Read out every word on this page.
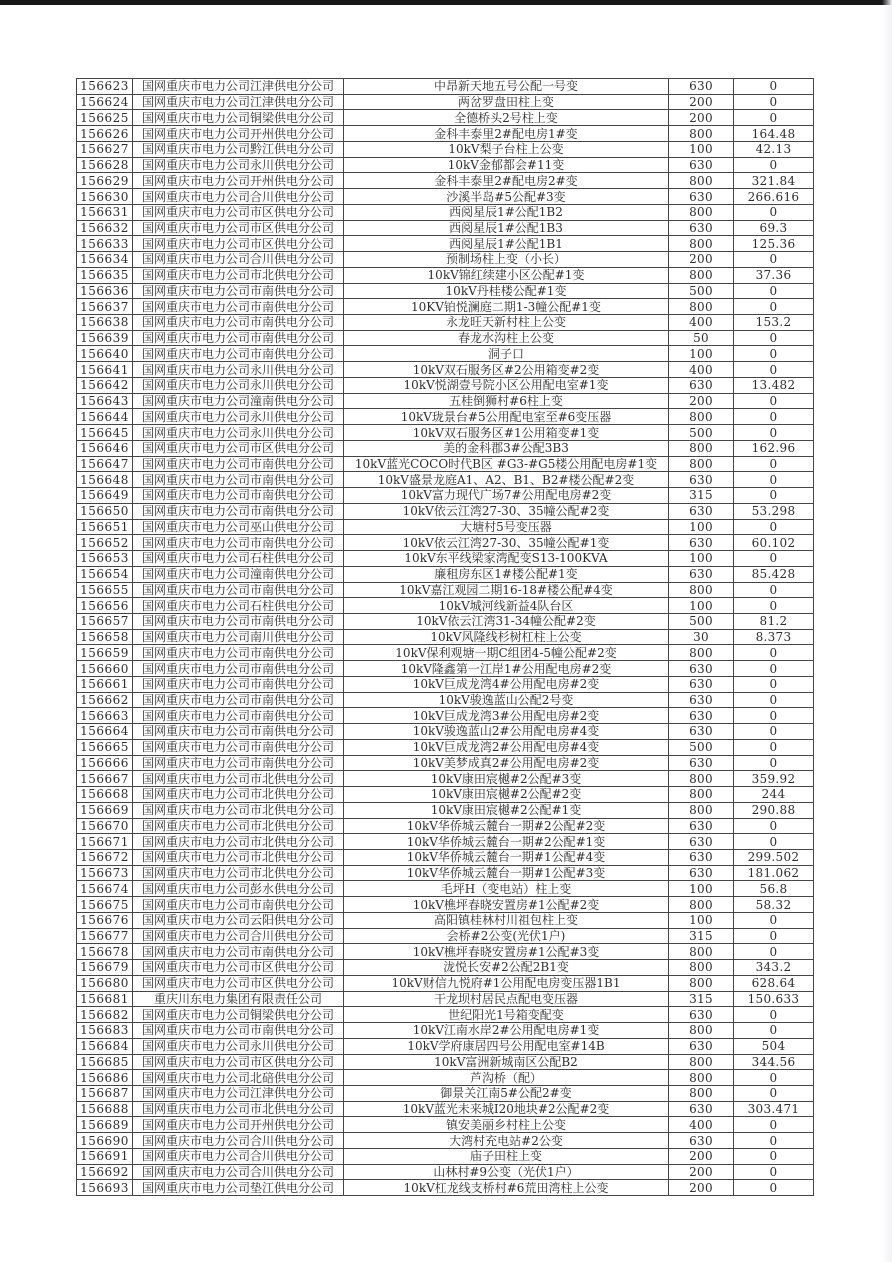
156623	国网重庆市电力公司江津供电分公司	中昂新天地五号公配一号变	630	0
156624	国网重庆市电力公司江津供电分公司	两岔罗盘田柱上变	200	0
156625	国网重庆市电力公司铜梁供电分公司	全德桥头2号柱上变	200	0
156626	国网重庆市电力公司开州供电分公司	金科丰泰里2#配电房1#变	800	164.48
156627	国网重庆市电力公司黔江供电分公司	10kV梨子台柱上公变	100	42.13
156628	国网重庆市电力公司永川供电分公司	10kV金郁都会#11变	630	0
156629	国网重庆市电力公司开州供电分公司	金科丰泰里2#配电房2#变	800	321.84
156630	国网重庆市电力公司合川供电分公司	沙溪半岛#5公配#3变	630	266.616
156631	国网重庆市电力公司市区供电分公司	西阅星辰1#公配1B2	800	0
156632	国网重庆市电力公司市区供电分公司	西阅星辰1#公配1B3	630	69.3
156633	国网重庆市电力公司市区供电分公司	西阅星辰1#公配1B1	800	125.36
156634	国网重庆市电力公司合川供电分公司	预制场柱上变（小长）	200	0
156635	国网重庆市电力公司市北供电分公司	10kV锦红续建小区公配#1变	800	37.36
156636	国网重庆市电力公司市南供电分公司	10kV丹桂楼公配#1变	500	0
156637	国网重庆市电力公司市南供电分公司	10KV铂悦澜庭二期1-3幢公配#1变	800	0
156638	国网重庆市电力公司市南供电分公司	永龙旺天新村柱上公变	400	153.2
156639	国网重庆市电力公司市南供电分公司	春龙水沟柱上公变	50	0
156640	国网重庆市电力公司市南供电分公司	洞子口	100	0
156641	国网重庆市电力公司永川供电分公司	10kV双石服务区#2公用箱变#2变	400	0
156642	国网重庆市电力公司永川供电分公司	10kV悦湖壹号院小区公用配电室#1变	630	13.482
156643	国网重庆市电力公司潼南供电分公司	五桂倒狮村#6柱上变	200	0
156644	国网重庆市电力公司永川供电分公司	10kV珑景台#5公用配电室至#6变压器	800	0
156645	国网重庆市电力公司永川供电分公司	10kV双石服务区#1公用箱变#1变	500	0
156646	国网重庆市电力公司市区供电分公司	美的金科郡3#公配3B3	800	162.96
156647	国网重庆市电力公司市南供电分公司	10kV蓝光COCO时代B区 #G3-#G5楼公用配电房#1变	800	0
156648	国网重庆市电力公司市南供电分公司	10kV盛景龙庭A1、A2、B1、B2#楼公配#2变	630	0
156649	国网重庆市电力公司市南供电分公司	10kV富力现代广场7#公用配电房#2变	315	0
156650	国网重庆市电力公司市南供电分公司	10kV依云江湾27-30、35幢公配#2变	630	53.298
156651	国网重庆市电力公司巫山供电分公司	大塘村5号变压器	100	0
156652	国网重庆市电力公司市南供电分公司	10kV依云江湾27-30、35幢公配#1变	630	60.102
156653	国网重庆市电力公司石柱供电分公司	10kV东平线梁家湾配变S13-100KVA	100	0
156654	国网重庆市电力公司潼南供电分公司	廉租房东区1#楼公配#1变	630	85.428
156655	国网重庆市电力公司市南供电分公司	10kV嘉江观园二期16-18#楼公配#4变	800	0
156656	国网重庆市电力公司石柱供电分公司	10kV城河线新益4队台区	100	0
156657	国网重庆市电力公司市南供电分公司	10kV依云江湾31-34幢公配#2变	500	81.2
156658	国网重庆市电力公司南川供电分公司	10kV风隆线杉树杠柱上公变	30	8.373
156659	国网重庆市电力公司市南供电分公司	10kV保利观塘一期C组团4-5幢公配#2变	800	0
156660	国网重庆市电力公司市南供电分公司	10kV隆鑫第一江岸1#公用配电房#2变	630	0
156661	国网重庆市电力公司市南供电分公司	10kV巨成龙湾4#公用配电房#2变	630	0
156662	国网重庆市电力公司市南供电分公司	10kV骏逸蓝山公配2号变	630	0
156663	国网重庆市电力公司市南供电分公司	10kV巨成龙湾3#公用配电房#2变	630	0
156664	国网重庆市电力公司市南供电分公司	10kV骏逸蓝山2#公用配电房#4变	630	0
156665	国网重庆市电力公司市南供电分公司	10kV巨成龙湾2#公用配电房#4变	500	0
156666	国网重庆市电力公司市南供电分公司	10kV美梦成真2#公用配电房#2变	630	0
156667	国网重庆市电力公司市北供电分公司	10kV康田宸樾#2公配#3变	800	359.92
156668	国网重庆市电力公司市北供电分公司	10kV康田宸樾#2公配#2变	800	244
156669	国网重庆市电力公司市北供电分公司	10kV康田宸樾#2公配#1变	800	290.88
156670	国网重庆市电力公司市北供电分公司	10kV华侨城云麓台一期#2公配#2变	630	0
156671	国网重庆市电力公司市北供电分公司	10kV华侨城云麓台一期#2公配#1变	630	0
156672	国网重庆市电力公司市北供电分公司	10kV华侨城云麓台一期#1公配#4变	630	299.502
156673	国网重庆市电力公司市北供电分公司	10kV华侨城云麓台一期#1公配#3变	630	181.062
156674	国网重庆市电力公司彭水供电分公司	毛坪H（变电站）柱上变	100	56.8
156675	国网重庆市电力公司市南供电分公司	10kV樵坪春晓安置房#1公配#2变	800	58.32
156676	国网重庆市电力公司云阳供电分公司	高阳镇桂林村川祖包柱上变	100	0
156677	国网重庆市电力公司合川供电分公司	会桥#2公变(光伏1户)	315	0
156678	国网重庆市电力公司市南供电分公司	10kV樵坪春晓安置房#1公配#3变	800	0
156679	国网重庆市电力公司市区供电分公司	泷悦长安#2公配2B1变	800	343.2
156680	国网重庆市电力公司市区供电分公司	10kV财信九悦府#1公用配电房变压器1B1	800	628.64
156681	重庆川东电力集团有限责任公司	干龙坝村居民点配电变压器	315	150.633
156682	国网重庆市电力公司铜梁供电分公司	世纪阳光1号箱变配变	630	0
156683	国网重庆市电力公司市南供电分公司	10kV江南水岸2#公用配电房#1变	800	0
156684	国网重庆市电力公司永川供电分公司	10kV学府康居四号公用配电室#14B	630	504
156685	国网重庆市电力公司市区供电分公司	10kV富洲新城南区公配B2	800	344.56
156686	国网重庆市电力公司北碚供电分公司	芦沟桥（配）	800	0
156687	国网重庆市电力公司江津供电分公司	御景关江南5#公配2#变	800	0
156688	国网重庆市电力公司市北供电分公司	10kV蓝光未来城I20地块#2公配#2变	630	303.471
156689	国网重庆市电力公司开州供电分公司	镇安美丽乡村柱上公变	400	0
156690	国网重庆市电力公司合川供电分公司	大湾村充电站#2公变	630	0
156691	国网重庆市电力公司合川供电分公司	庙子田柱上变	200	0
156692	国网重庆市电力公司合川供电分公司	山林村#9公变（光伏1户）	200	0
156693	国网重庆市电力公司垫江供电分公司	10kV杠龙线支桥村#6荒田湾柱上公变	200	0
